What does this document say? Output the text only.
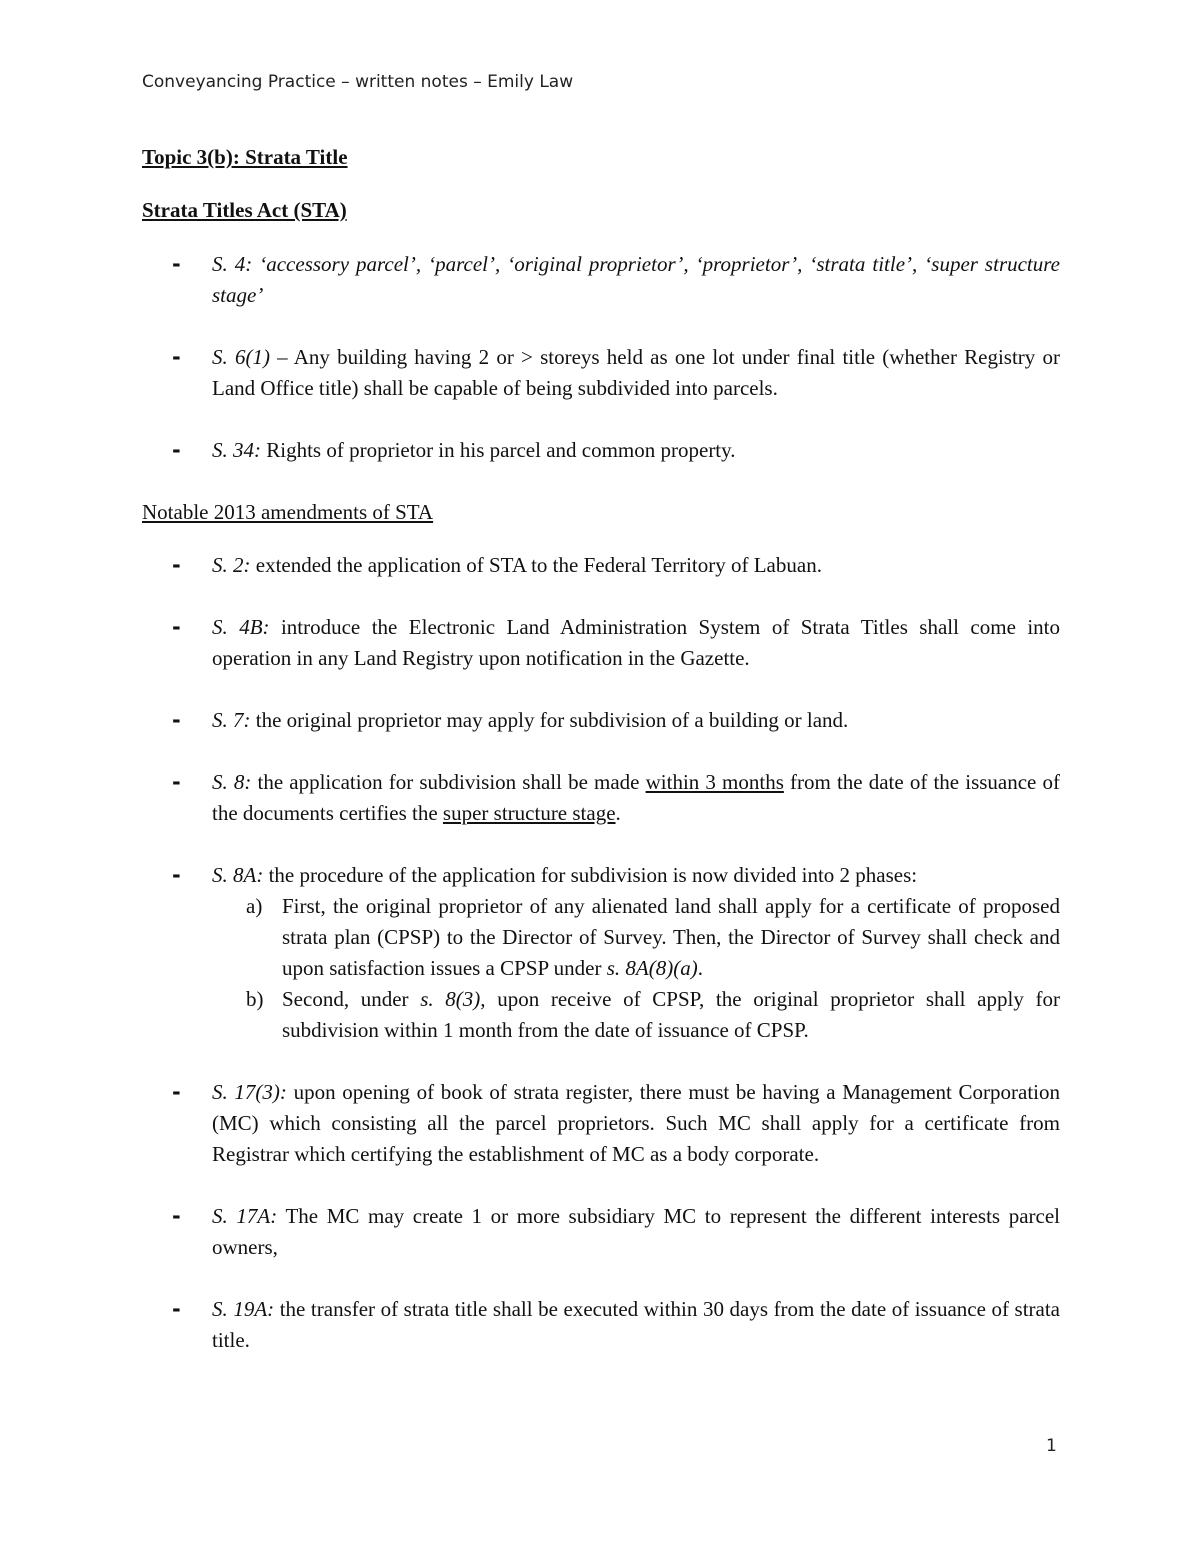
Conveyancing Practice – written notes – Emily Law

Topic 3(b): Strata Title

Strata Titles Act (STA)

- S. 4: ‘accessory parcel’, ‘parcel’, ‘original proprietor’, ‘proprietor’, ‘strata title’, ‘super structure stage’
- S. 6(1) – Any building having 2 or > storeys held as one lot under final title (whether Registry or Land Office title) shall be capable of being subdivided into parcels.
- S. 34: Rights of proprietor in his parcel and common property.

Notable 2013 amendments of STA

- S. 2: extended the application of STA to the Federal Territory of Labuan.
- S. 4B: introduce the Electronic Land Administration System of Strata Titles shall come into operation in any Land Registry upon notification in the Gazette.
- S. 7: the original proprietor may apply for subdivision of a building or land.
- S. 8: the application for subdivision shall be made within 3 months from the date of the issuance of the documents certifies the super structure stage.
- S. 8A: the procedure of the application for subdivision is now divided into 2 phases:
a) First, the original proprietor of any alienated land shall apply for a certificate of proposed strata plan (CPSP) to the Director of Survey. Then, the Director of Survey shall check and upon satisfaction issues a CPSP under s. 8A(8)(a).
b) Second, under s. 8(3), upon receive of CPSP, the original proprietor shall apply for subdivision within 1 month from the date of issuance of CPSP.
- S. 17(3): upon opening of book of strata register, there must be having a Management Corporation (MC) which consisting all the parcel proprietors. Such MC shall apply for a certificate from Registrar which certifying the establishment of MC as a body corporate.
- S. 17A: The MC may create 1 or more subsidiary MC to represent the different interests parcel owners,
- S. 19A: the transfer of strata title shall be executed within 30 days from the date of issuance of strata title.
1
